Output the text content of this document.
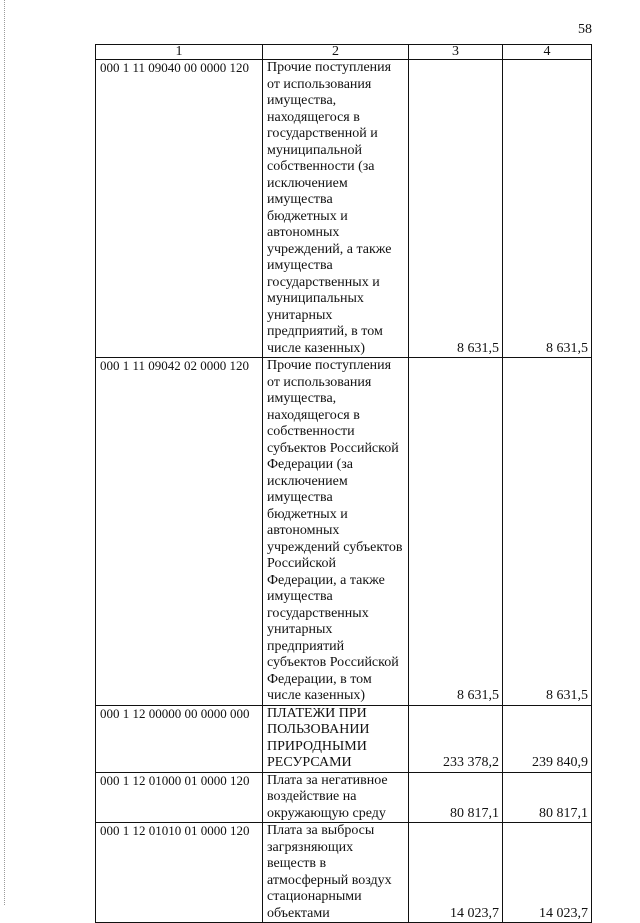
58
1	2	3	4
000 1 11 09040 00 0000 120	Прочие поступления от использования имущества, находящегося в государственной и муниципальной собственности (за исключением имущества бюджетных и автономных учреждений, а также имущества государственных и муниципальных унитарных предприятий, в том числе казенных)	8 631,5	8 631,5
000 1 11 09042 02 0000 120	Прочие поступления от использования имущества, находящегося в собственности субъектов Российской Федерации (за исключением имущества бюджетных и автономных учреждений субъектов Российской Федерации, а также имущества государственных унитарных предприятий субъектов Российской Федерации, в том числе казенных)	8 631,5	8 631,5
000 1 12 00000 00 0000 000	ПЛАТЕЖИ ПРИ ПОЛЬЗОВАНИИ ПРИРОДНЫМИ РЕСУРСАМИ	233 378,2	239 840,9
000 1 12 01000 01 0000 120	Плата за негативное воздействие на окружающую среду	80 817,1	80 817,1
000 1 12 01010 01 0000 120	Плата за выбросы загрязняющих веществ в атмосферный воздух стационарными объектами	14 023,7	14 023,7
